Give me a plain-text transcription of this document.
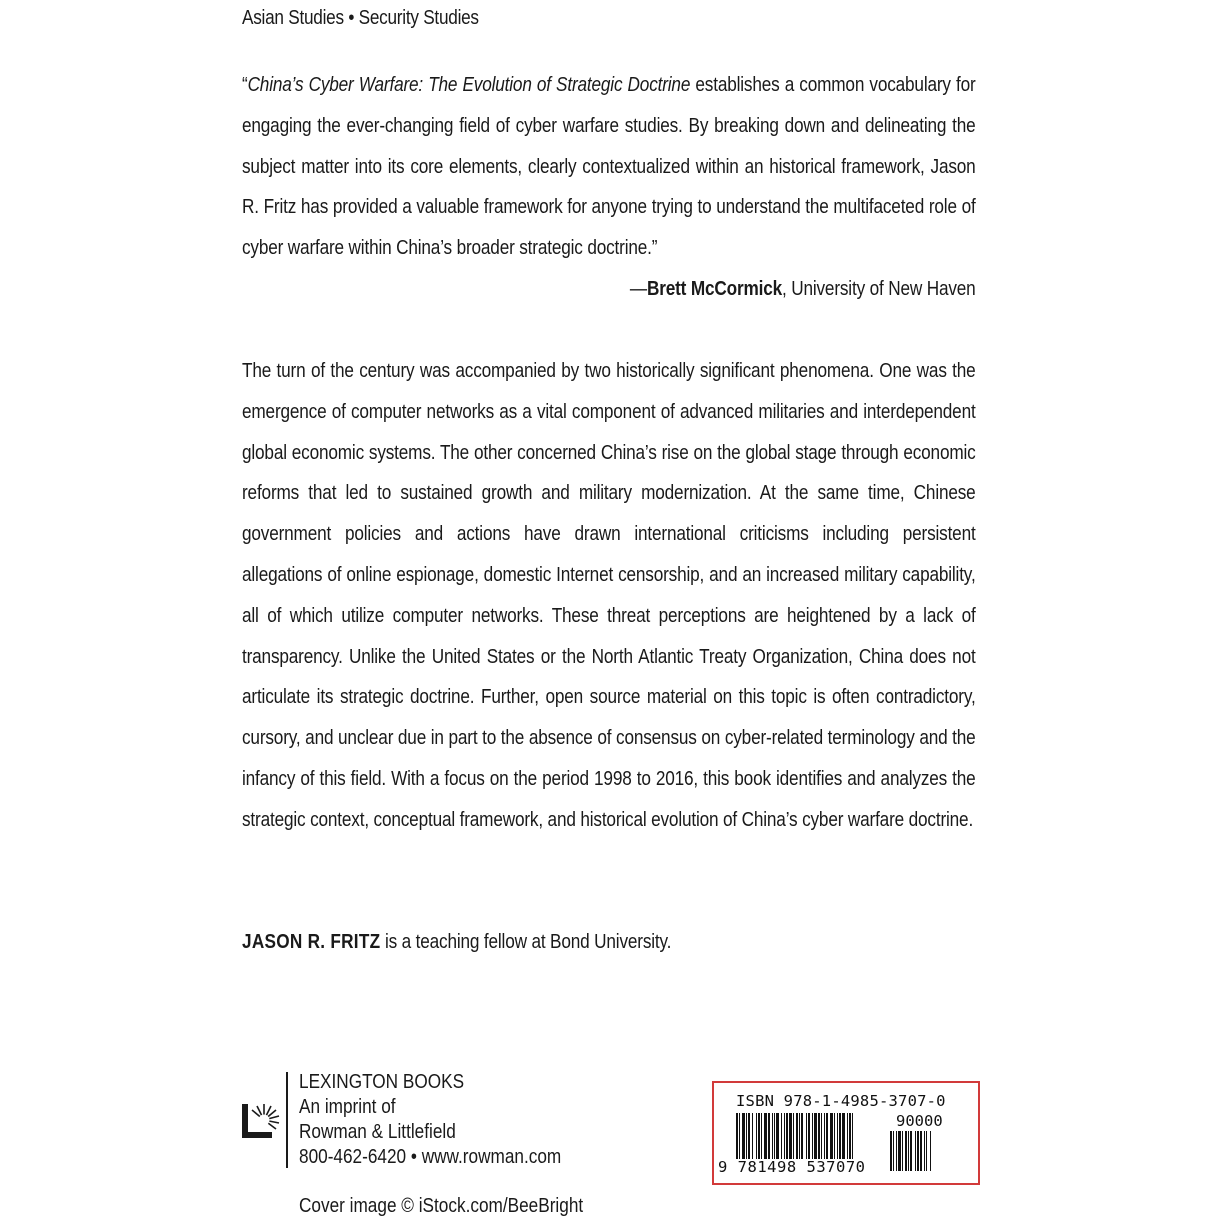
Asian Studies • Security Studies

“China’s Cyber Warfare: The Evolution of Strategic Doctrine establishes a common vocabulary for engaging the ever-changing field of cyber warfare studies. By breaking down and delineating the subject matter into its core elements, clearly contextualized within an historical framework, Jason R. Fritz has provided a valuable framework for anyone trying to understand the multifaceted role of cyber warfare within China’s broader strategic doctrine.”

—Brett McCormick, University of New Haven

The turn of the century was accompanied by two historically significant phenomena. One was the emergence of computer networks as a vital component of advanced militaries and interdependent global economic systems. The other concerned China’s rise on the global stage through economic reforms that led to sustained growth and military modernization. At the same time, Chinese government policies and actions have drawn international criticisms including persistent allegations of online espionage, domestic Internet censorship, and an increased military capability, all of which utilize computer networks. These threat perceptions are heightened by a lack of transparency. Unlike the United States or the North Atlantic Treaty Organization, China does not articulate its strategic doctrine. Further, open source material on this topic is often contradictory, cursory, and unclear due in part to the absence of consensus on cyber-related terminology and the infancy of this field. With a focus on the period 1998 to 2016, this book identifies and analyzes the strategic context, conceptual framework, and historical evolution of China’s cyber warfare doctrine.

JASON R. FRITZ is a teaching fellow at Bond University.

LEXINGTON BOOKS
An imprint of
Rowman & Littlefield
800-462-6420 • www.rowman.com
Cover image © iStock.com/BeeBright
ISBN 978-1-4985-3707-0
90000
9 781498 537070
